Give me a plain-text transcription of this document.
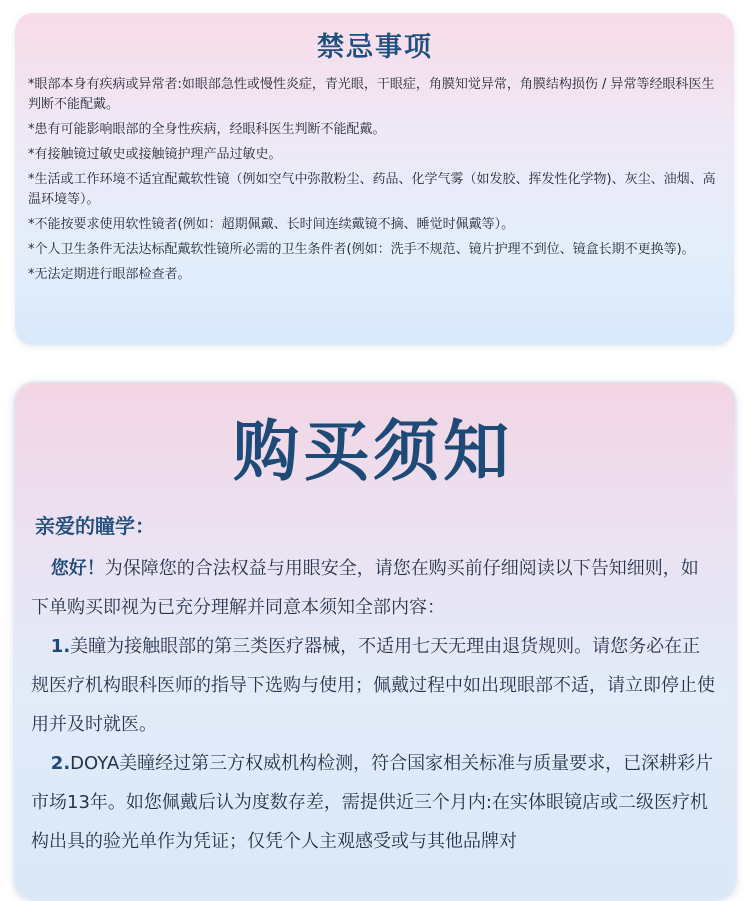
禁忌事项

*眼部本身有疾病或异常者:如眼部急性或慢性炎症，青光眼，干眼症，角膜知觉异常，角膜结构损伤 / 异常等经眼科医生判断不能配戴。

*患有可能影响眼部的全身性疾病，经眼科医生判断不能配戴。

*有接触镜过敏史或接触镜护理产品过敏史。

*生活或工作环境不适宜配戴软性镜（例如空气中弥散粉尘、药品、化学气雾（如发胶、挥发性化学物)、灰尘、油烟、高温环境等）。

*不能按要求使用软性镜者(例如：超期佩戴、长时间连续戴镜不摘、睡觉时佩戴等）。

*个人卫生条件无法达标配戴软性镜所必需的卫生条件者(例如：洗手不规范、镜片护理不到位、镜盒长期不更换等)。

*无法定期进行眼部检查者。

购买须知
亲爱的瞳学：

您好！为保障您的合法权益与用眼安全，请您在购买前仔细阅读以下告知细则，如下单购买即视为已充分理解并同意本须知全部内容：

1.美瞳为接触眼部的第三类医疗器械，不适用七天无理由退货规则。请您务必在正规医疗机构眼科医师的指导下选购与使用；佩戴过程中如出现眼部不适，请立即停止使用并及时就医。

2.DOYA美瞳经过第三方权威机构检测，符合国家相关标准与质量要求，已深耕彩片市场13年。如您佩戴后认为度数存差，需提供近三个月内:在实体眼镜店或二级医疗机构出具的验光单作为凭证；仅凭个人主观感受或与其他品牌对
